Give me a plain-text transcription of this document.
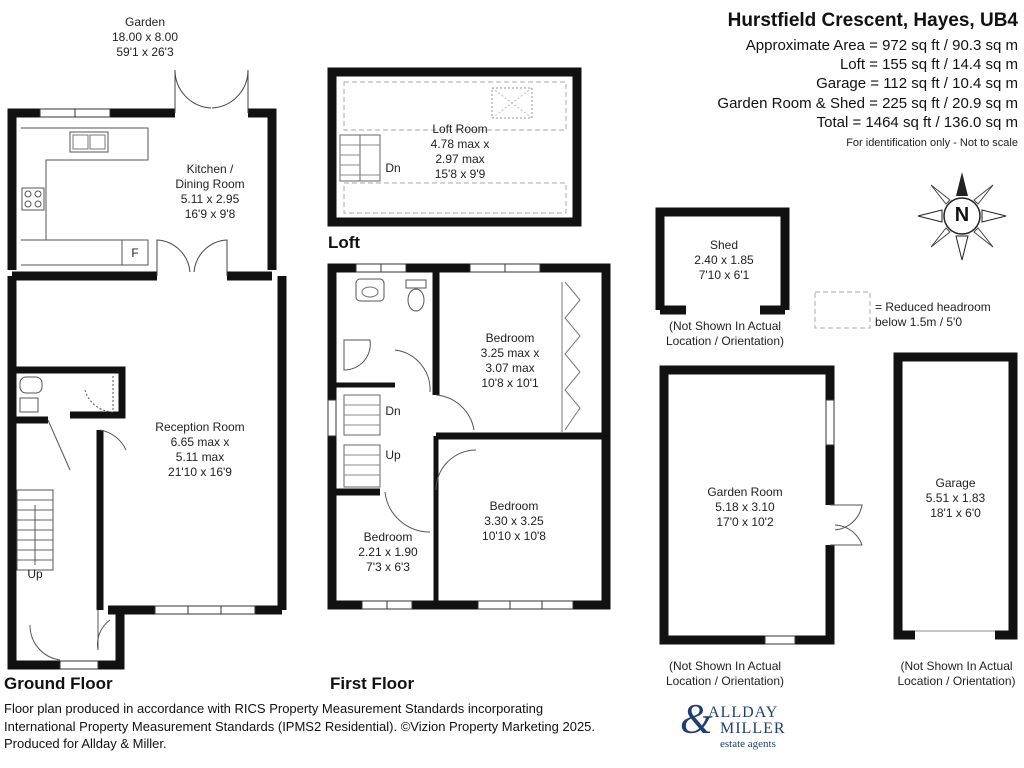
Garden
18.00 x 8.00
59'1 x 26'3
Kitchen /
Dining Room
5.11 x 2.95
16'9 x 9'8
F
Reception Room
6.65 max x
5.11 max
21'10 x 16'9
Up
Ground Floor
Loft Room
4.78 max x
2.97 max
15'8 x 9'9
Dn
Loft
Bedroom
3.25 max x
3.07 max
10'8 x 10'1
Bedroom
3.30 x 3.25
10'10 x 10'8
Bedroom
2.21 x 1.90
7'3 x 6'3
Dn
Up
First Floor
Shed
2.40 x 1.85
7'10 x 6'1
(Not Shown In Actual
Location / Orientation)
= Reduced headroom
below 1.5m / 5'0
Garden Room
5.18 x 3.10
17'0 x 10'2
(Not Shown In Actual
Location / Orientation)
Garage
5.51 x 1.83
18'1 x 6'0
(Not Shown In Actual
Location / Orientation)
N
Hurstfield Crescent, Hayes, UB4
Approximate Area = 972 sq ft / 90.3 sq m
Loft = 155 sq ft / 14.4 sq m
Garage = 112 sq ft / 10.4 sq m
Garden Room & Shed = 225 sq ft / 20.9 sq m
Total = 1464 sq ft / 136.0 sq m
For identification only - Not to scale
Floor plan produced in accordance with RICS Property Measurement Standards incorporating
International Property Measurement Standards (IPMS2 Residential). ©Vizion Property Marketing 2025.
Produced for Allday & Miller.
&
ALLDAY
MILLER
estate agents
